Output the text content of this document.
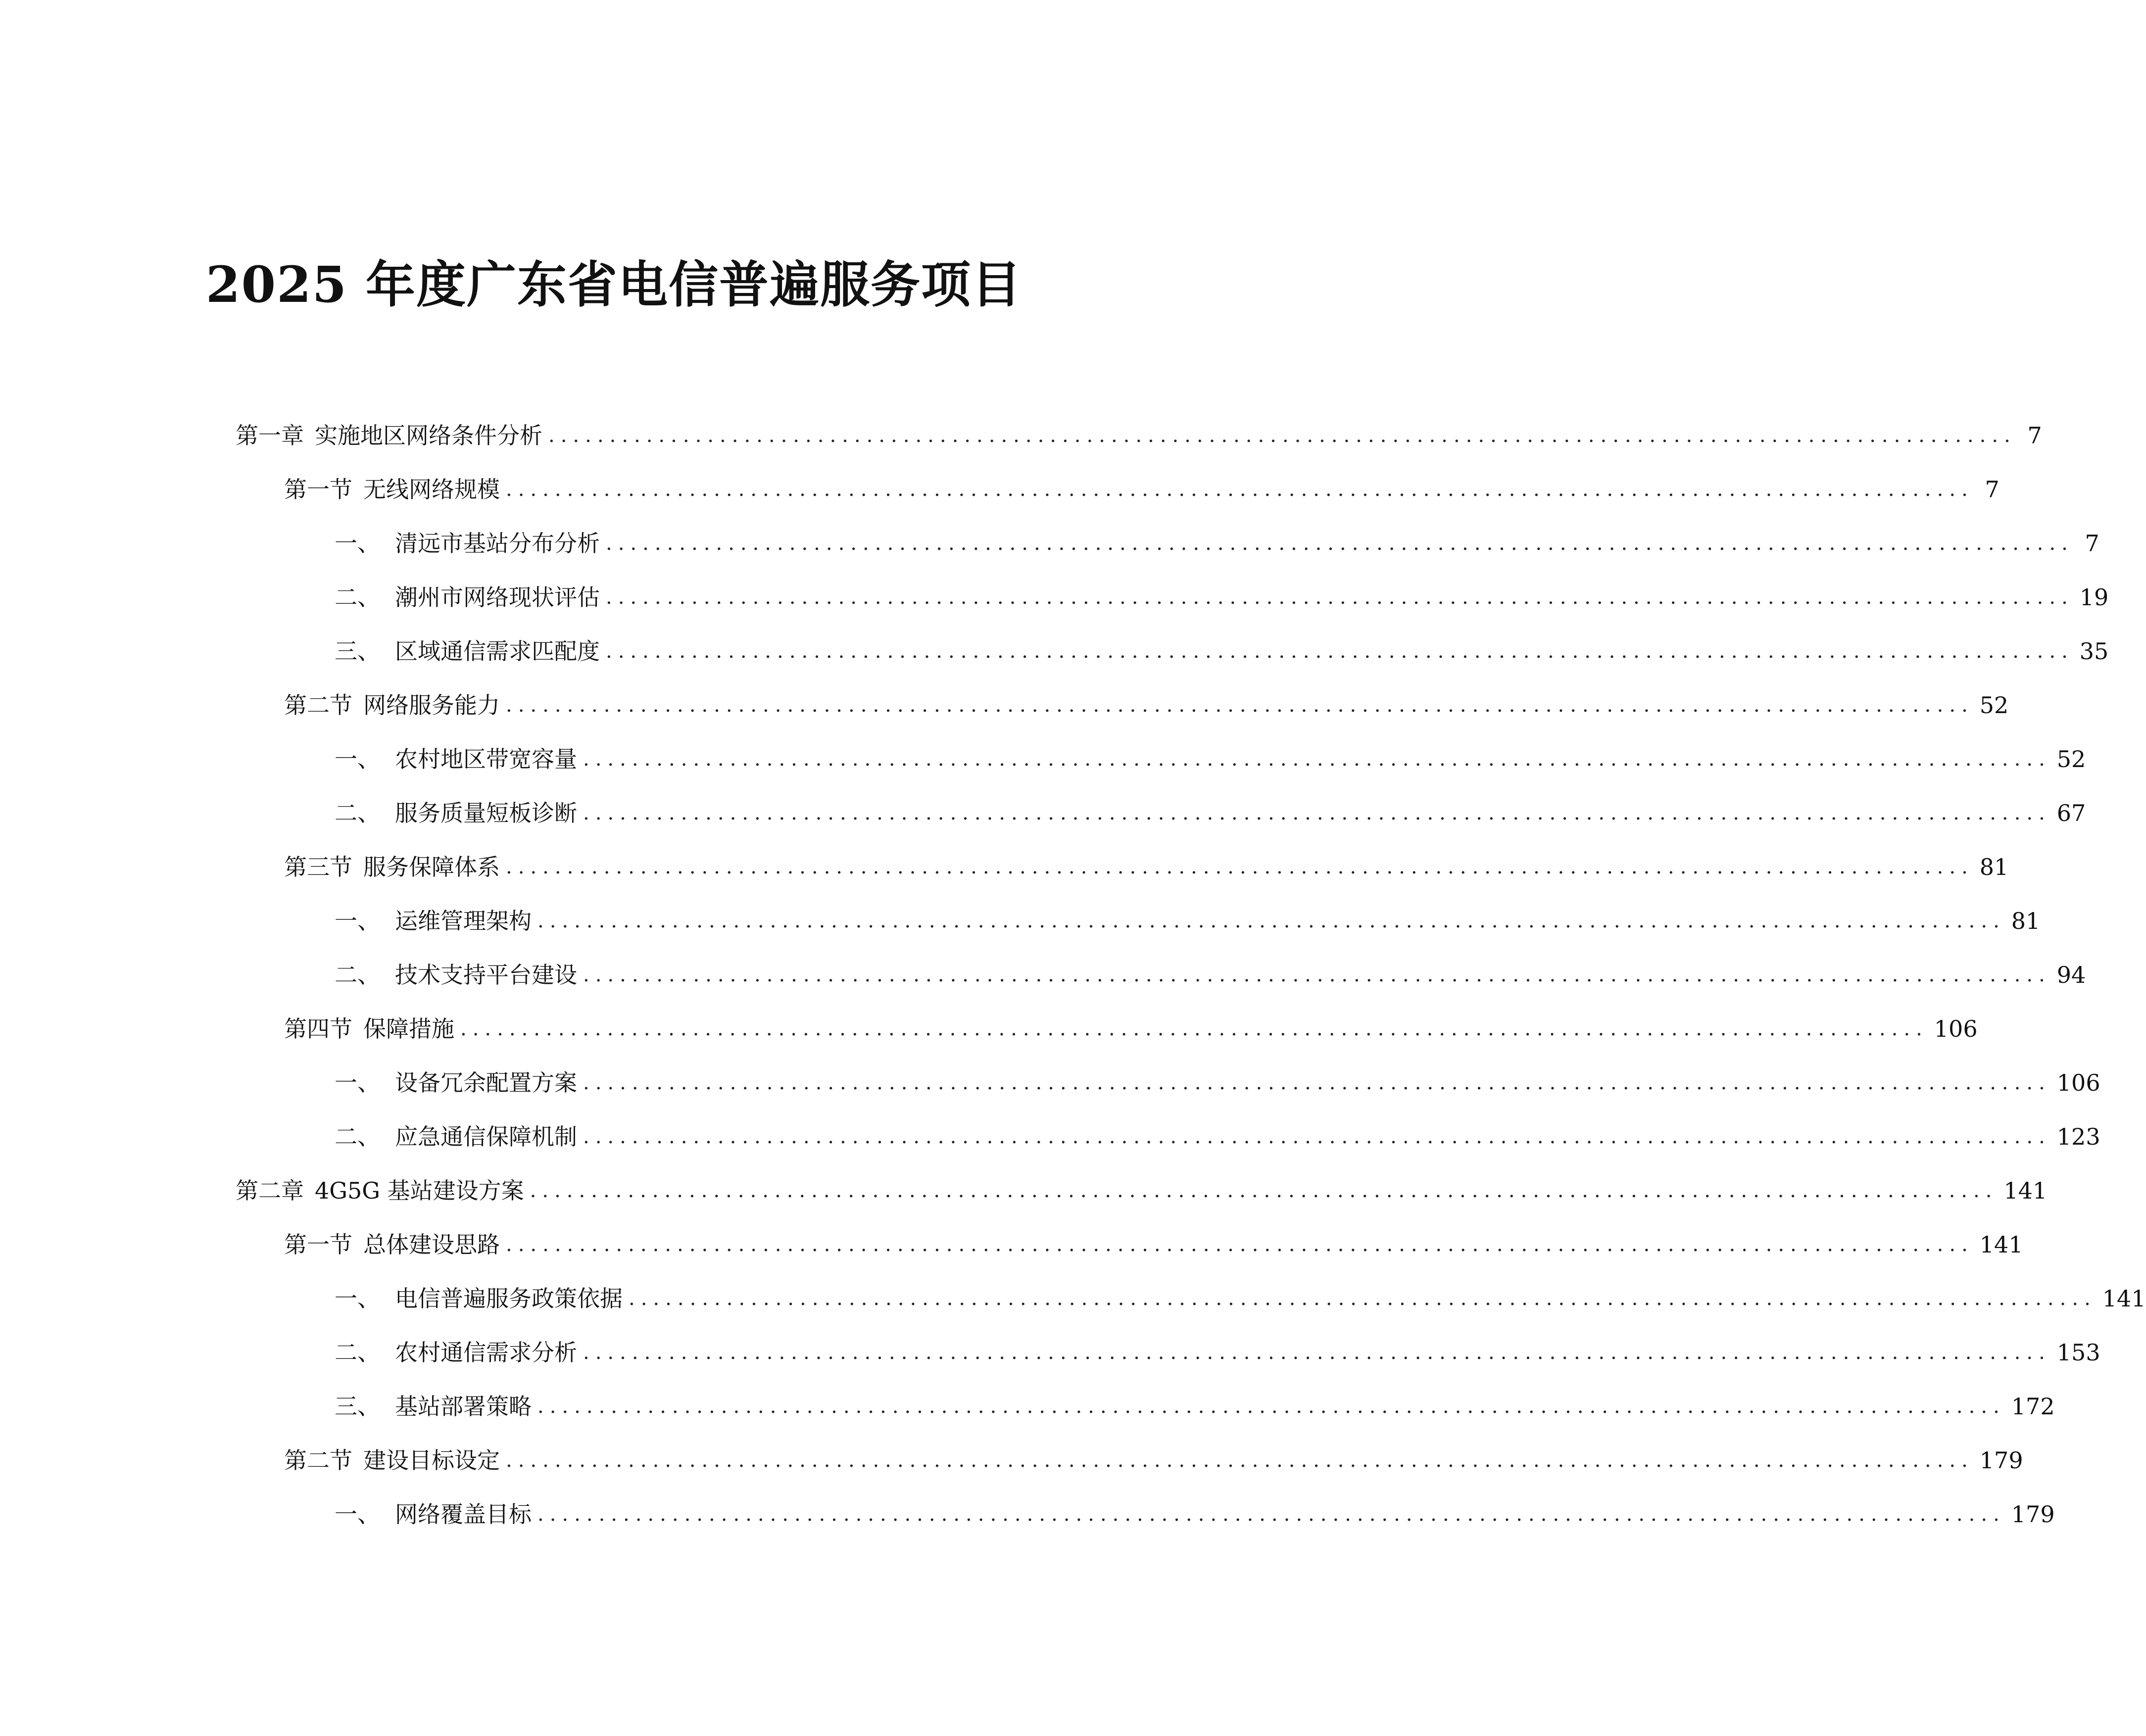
2025 年度广东省电信普遍服务项目
第一章 实施地区网络条件分析 ........................................................................................................................ 7
第一节 无线网络规模 ........................................................................................................................ 7
一、 清远市基站分布分析 ........................................................................................................................ 7
二、 潮州市网络现状评估 ........................................................................................................................ 19
三、 区域通信需求匹配度 ........................................................................................................................ 35
第二节 网络服务能力 ........................................................................................................................ 52
一、 农村地区带宽容量 ........................................................................................................................ 52
二、 服务质量短板诊断 ........................................................................................................................ 67
第三节 服务保障体系 ........................................................................................................................ 81
一、 运维管理架构 ........................................................................................................................ 81
二、 技术支持平台建设 ........................................................................................................................ 94
第四节 保障措施 ........................................................................................................................ 106
一、 设备冗余配置方案 ........................................................................................................................ 106
二、 应急通信保障机制 ........................................................................................................................ 123
第二章 4G5G 基站建设方案 ........................................................................................................................ 141
第一节 总体建设思路 ........................................................................................................................ 141
一、 电信普遍服务政策依据 ........................................................................................................................ 141
二、 农村通信需求分析 ........................................................................................................................ 153
三、 基站部署策略 ........................................................................................................................ 172
第二节 建设目标设定 ........................................................................................................................ 179
一、 网络覆盖目标 ........................................................................................................................ 179
